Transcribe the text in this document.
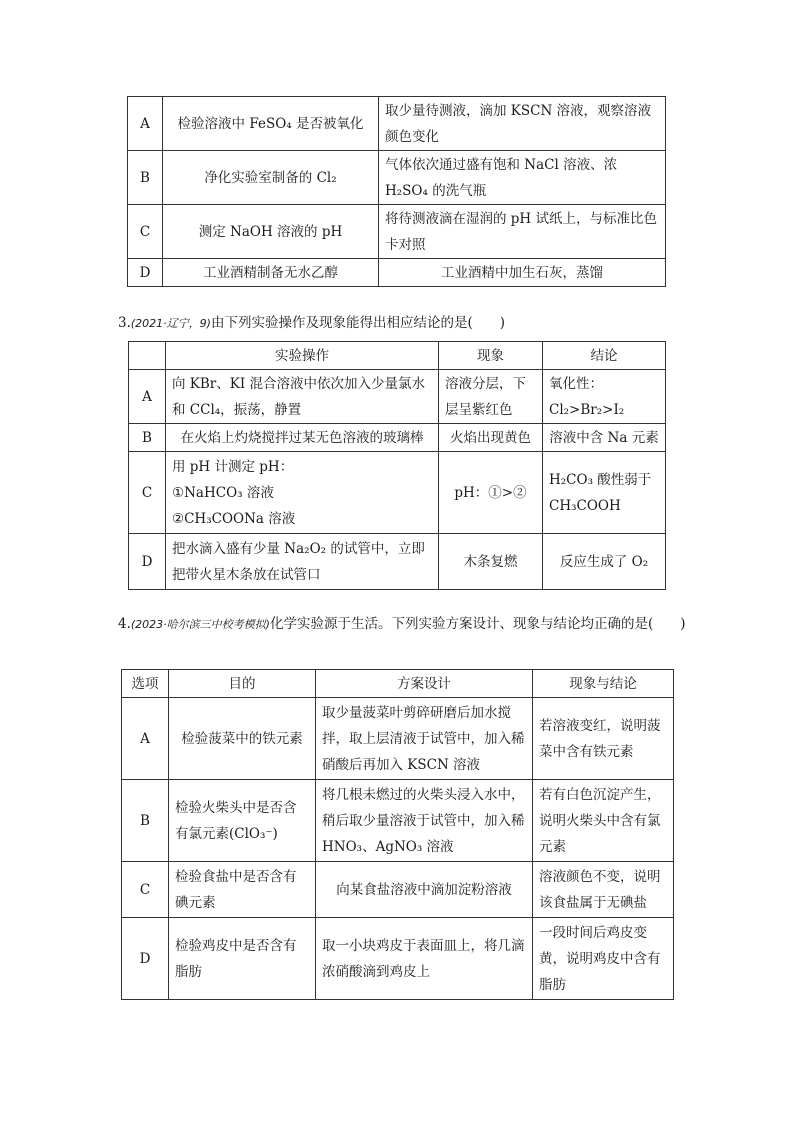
A	检验溶液中 FeSO₄ 是否被氧化	取少量待测液，滴加 KSCN 溶液，观察溶液颜色变化
B	净化实验室制备的 Cl₂	气体依次通过盛有饱和 NaCl 溶液、浓 H₂SO₄ 的洗气瓶
C	测定 NaOH 溶液的 pH	将待测液滴在湿润的 pH 试纸上，与标准比色卡对照
D	工业酒精制备无水乙醇	工业酒精中加生石灰，蒸馏
3.(2021·辽宁，9)由下列实验操作及现象能得出相应结论的是(　　)
	实验操作	现象	结论
A	向 KBr、KI 混合溶液中依次加入少量氯水和 CCl₄，振荡，静置	溶液分层，下层呈紫红色	氧化性：
Cl₂>Br₂>I₂

B	在火焰上灼烧搅拌过某无色溶液的玻璃棒	火焰出现黄色	溶液中含 Na 元素
C	用 pH 计测定 pH：
①NaHCO₃ 溶液
②CH₃COONa 溶液	pH：①>②	H₂CO₃ 酸性弱于 CH₃COOH
D	把水滴入盛有少量 Na₂O₂ 的试管中，立即把带火星木条放在试管口	木条复燃	反应生成了 O₂
4.(2023·哈尔滨三中校考模拟)化学实验源于生活。下列实验方案设计、现象与结论均正确的是(　　)
选项	目的	方案设计	现象与结论
A	检验菠菜中的铁元素	取少量菠菜叶剪碎研磨后加水搅拌，取上层清液于试管中，加入稀硝酸后再加入 KSCN 溶液	若溶液变红，说明菠菜中含有铁元素
B	检验火柴头中是否含有氯元素(ClO₃⁻)	将几根未燃过的火柴头浸入水中，稍后取少量溶液于试管中，加入稀 HNO₃、AgNO₃ 溶液	若有白色沉淀产生，说明火柴头中含有氯元素
C	检验食盐中是否含有碘元素	向某食盐溶液中滴加淀粉溶液	溶液颜色不变，说明该食盐属于无碘盐
D	检验鸡皮中是否含有脂肪	取一小块鸡皮于表面皿上，将几滴浓硝酸滴到鸡皮上	一段时间后鸡皮变黄，说明鸡皮中含有脂肪
